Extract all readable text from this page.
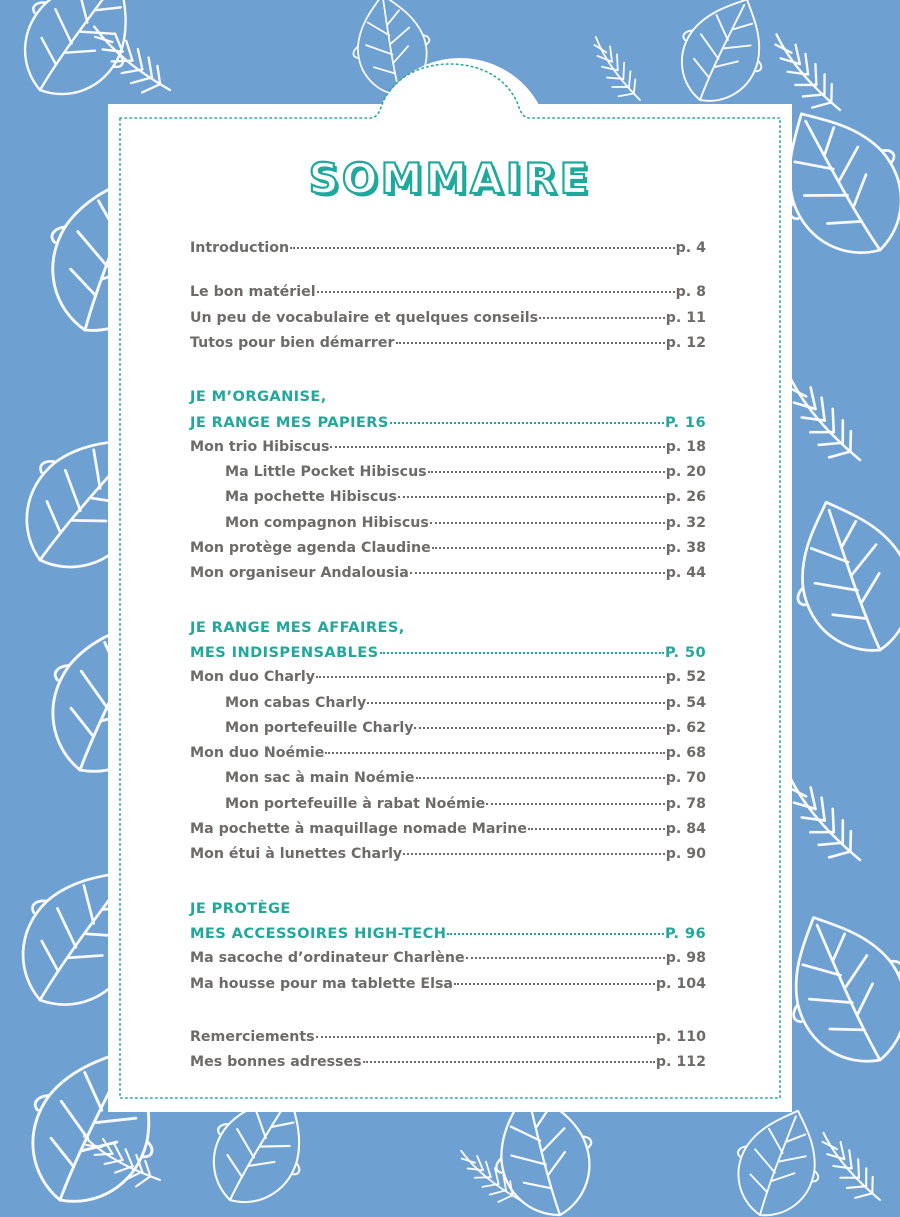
SOMMAIRE
Introduction	p. 4
Le bon matériel	p. 8
Un peu de vocabulaire et quelques conseils	p. 11
Tutos pour bien démarrer	p. 12
JE M’ORGANISE,
JE RANGE MES PAPIERS	P. 16
Mon trio Hibiscus	p. 18
Ma Little Pocket Hibiscus	p. 20
Ma pochette Hibiscus	p. 26
Mon compagnon Hibiscus	p. 32
Mon protège agenda Claudine	p. 38
Mon organiseur Andalousia	p. 44
JE RANGE MES AFFAIRES,
MES INDISPENSABLES	P. 50
Mon duo Charly	p. 52
Mon cabas Charly	p. 54
Mon portefeuille Charly	p. 62
Mon duo Noémie	p. 68
Mon sac à main Noémie	p. 70
Mon portefeuille à rabat Noémie	p. 78
Ma pochette à maquillage nomade Marine	p. 84
Mon étui à lunettes Charly	p. 90
JE PROTÈGE
MES ACCESSOIRES HIGH-TECH	P. 96
Ma sacoche d’ordinateur Charlène	p. 98
Ma housse pour ma tablette Elsa	p. 104
Remerciements	p. 110
Mes bonnes adresses	p. 112
